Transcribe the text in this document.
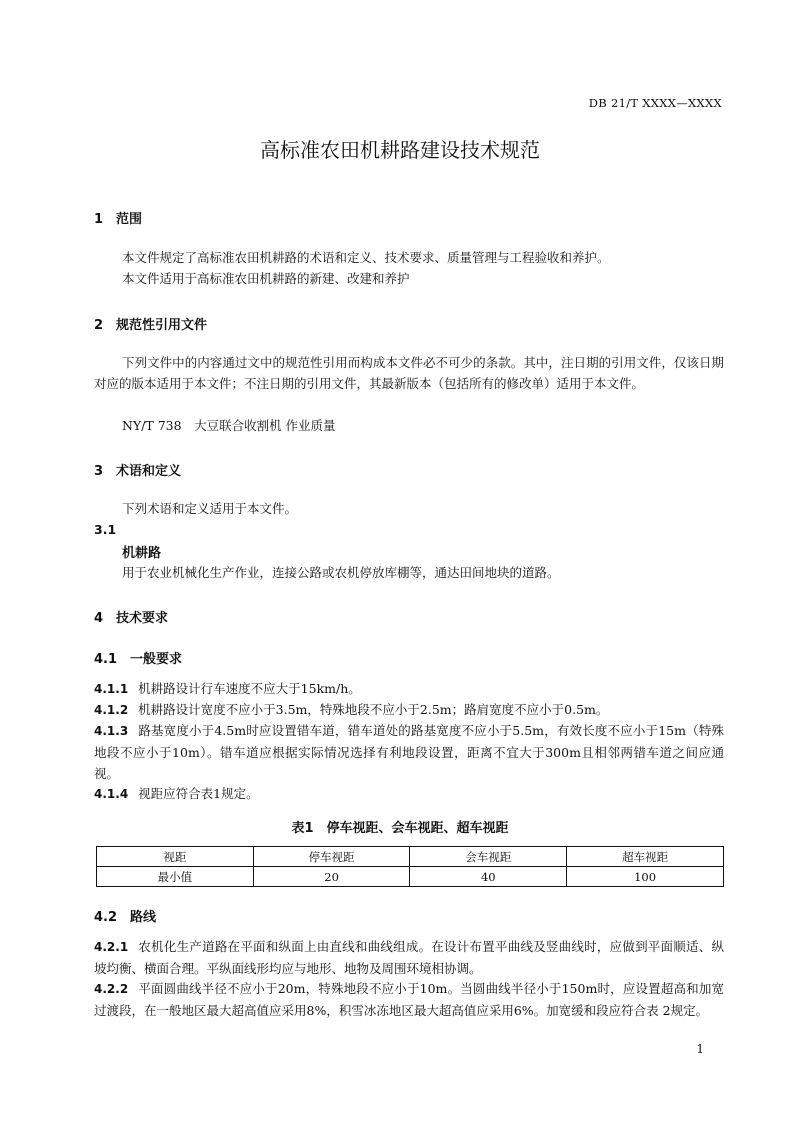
DB 21/T XXXX—XXXX
高标准农田机耕路建设技术规范
1 范围
本文件规定了高标准农田机耕路的术语和定义、技术要求、质量管理与工程验收和养护。
本文件适用于高标准农田机耕路的新建、改建和养护
2 规范性引用文件
下列文件中的内容通过文中的规范性引用而构成本文件必不可少的条款。其中，注日期的引用文件，仅该日期对应的版本适用于本文件；不注日期的引用文件，其最新版本（包括所有的修改单）适用于本文件。
NY/T 738　大豆联合收割机 作业质量
3 术语和定义
下列术语和定义适用于本文件。
3.1
机耕路
用于农业机械化生产作业，连接公路或农机停放库棚等，通达田间地块的道路。
4 技术要求
4.1 一般要求
4.1.1 机耕路设计行车速度不应大于15km/h。
4.1.2 机耕路设计宽度不应小于3.5m，特殊地段不应小于2.5m；路肩宽度不应小于0.5m。
4.1.3 路基宽度小于4.5m时应设置错车道，错车道处的路基宽度不应小于5.5m，有效长度不应小于15m（特殊地段不应小于10m）。错车道应根据实际情况选择有利地段设置，距离不宜大于300m且相邻两错车道之间应通视。
4.1.4 视距应符合表1规定。
表1　停车视距、会车视距、超车视距
视距	停车视距	会车视距	超车视距
最小值	20	40	100
4.2 路线
4.2.1 农机化生产道路在平面和纵面上由直线和曲线组成。在设计布置平曲线及竖曲线时，应做到平面顺适、纵坡均衡、横面合理。平纵面线形均应与地形、地物及周围环境相协调。
4.2.2 平面圆曲线半径不应小于20m，特殊地段不应小于10m。当圆曲线半径小于150m时，应设置超高和加宽过渡段，在一般地区最大超高值应采用8%，积雪冰冻地区最大超高值应采用6%。加宽缓和段应符合表 2规定。
1
